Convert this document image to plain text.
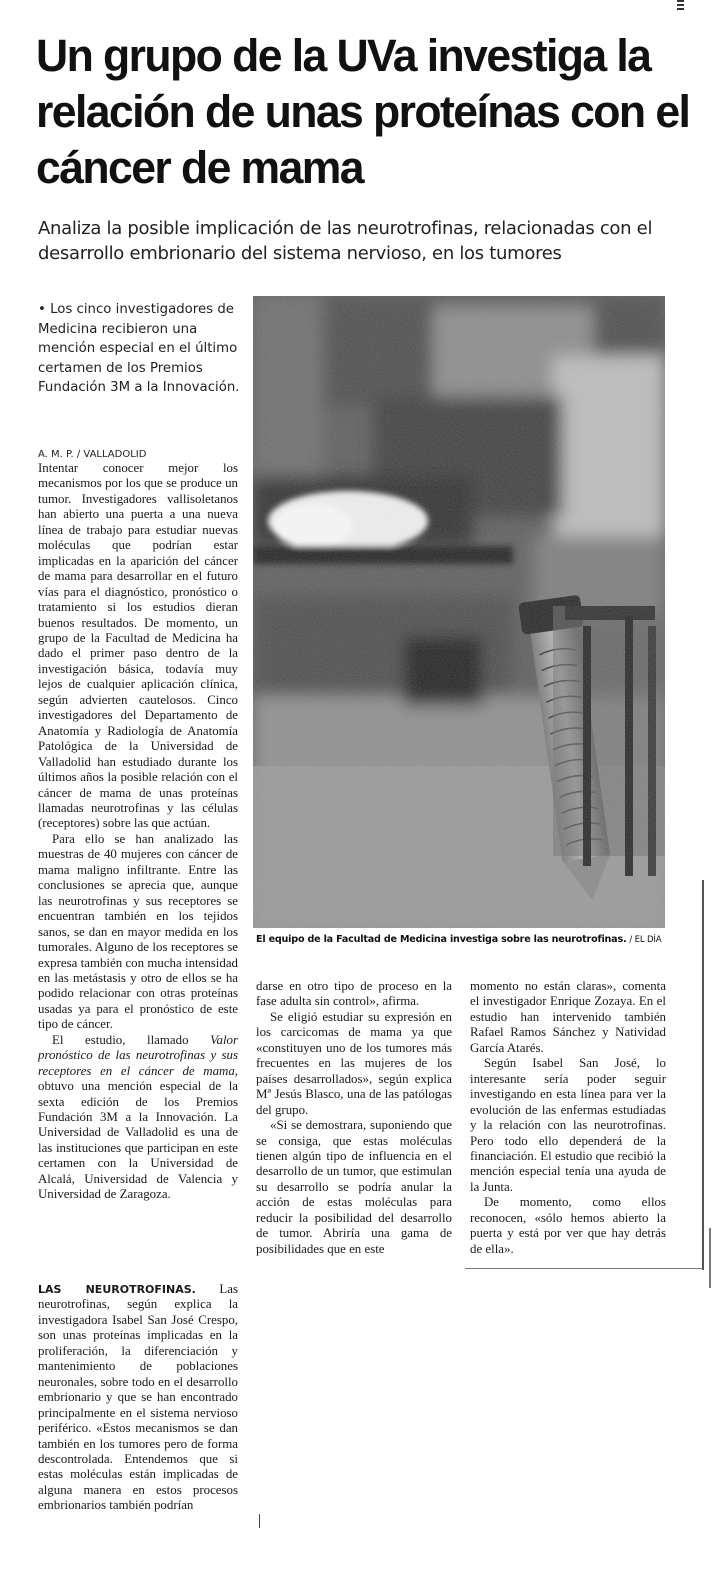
Un grupo de la UVa investiga la relación de unas proteínas con el cáncer de mama
Analiza la posible implicación de las neurotrofinas, relacionadas con el desarrollo embrionario del sistema nervioso, en los tumores
• Los cinco investigadores de Medicina recibieron una mención especial en el último certamen de los Premios Fundación 3M a la Innovación.
A. M. P. / VALLADOLID

Intentar conocer mejor los mecanismos por los que se produce un tumor. Investigadores vallisoletanos han abierto una puerta a una nueva línea de trabajo para estudiar nuevas moléculas que podrían estar implicadas en la aparición del cáncer de mama para desarrollar en el futuro vías para el diagnóstico, pronóstico o tratamiento si los estudios dieran buenos resultados. De momento, un grupo de la Facultad de Medicina ha dado el primer paso dentro de la investigación básica, todavía muy lejos de cualquier aplicación clínica, según advierten cautelosos. Cinco investigadores del Departamento de Anatomía y Radiología de Anatomía Patológica de la Universidad de Valladolid han estudiado durante los últimos años la posible relación con el cáncer de mama de unas proteínas llamadas neurotrofinas y las células (receptores) sobre las que actúan.

Para ello se han analizado las muestras de 40 mujeres con cáncer de mama maligno infiltrante. Entre las conclusiones se aprecia que, aunque las neurotrofinas y sus receptores se encuentran también en los tejidos sanos, se dan en mayor medida en los tumorales. Alguno de los receptores se expresa también con mucha intensidad en las metástasis y otro de ellos se ha podido relacionar con otras proteínas usadas ya para el pronóstico de este tipo de cáncer.

El estudio, llamado Valor pronóstico de las neurotrofinas y sus receptores en el cáncer de mama, obtuvo una mención especial de la sexta edición de los Premios Fundación 3M a la Innovación. La Universidad de Valladolid es una de las instituciones que participan en este certamen con la Universidad de Alcalá, Universidad de Valencia y Universidad de Zaragoza.

LAS NEUROTROFINAS. Las neurotrofinas, según explica la investigadora Isabel San José Crespo, son unas proteínas implicadas en la proliferación, la diferenciación y mantenimiento de poblaciones neuronales, sobre todo en el desarrollo embrionario y que se han encontrado principalmente en el sistema nervioso periférico. «Estos mecanismos se dan también en los tumores pero de forma descontrolada. Entendemos que si estas moléculas están implicadas de alguna manera en estos procesos embrionarios también podrían

El equipo de la Facultad de Medicina investiga sobre las neurotrofinas. / EL DÍA

darse en otro tipo de proceso en la fase adulta sin control», afirma.

Se eligió estudiar su expresión en los carcicomas de mama ya que «constituyen uno de los tumores más frecuentes en las mujeres de los países desarrollados», según explica Mª Jesús Blasco, una de las patólogas del grupo.

«Si se demostrara, suponiendo que se consiga, que estas moléculas tienen algún tipo de influencia en el desarrollo de un tumor, que estimulan su desarrollo se podría anular la acción de estas moléculas para reducir la posibilidad del desarrollo de tumor. Abriría una gama de posibilidades que en este

momento no están claras», comenta el investigador Enrique Zozaya. En el estudio han intervenido también Rafael Ramos Sánchez y Natividad García Atarés.

Según Isabel San José, lo interesante sería poder seguir investigando en esta línea para ver la evolución de las enfermas estudiadas y la relación con las neurotrofinas. Pero todo ello dependerá de la financiación. El estudio que recibió la mención especial tenía una ayuda de la Junta.

De momento, como ellos reconocen, «sólo hemos abierto la puerta y está por ver que hay detrás de ella».
